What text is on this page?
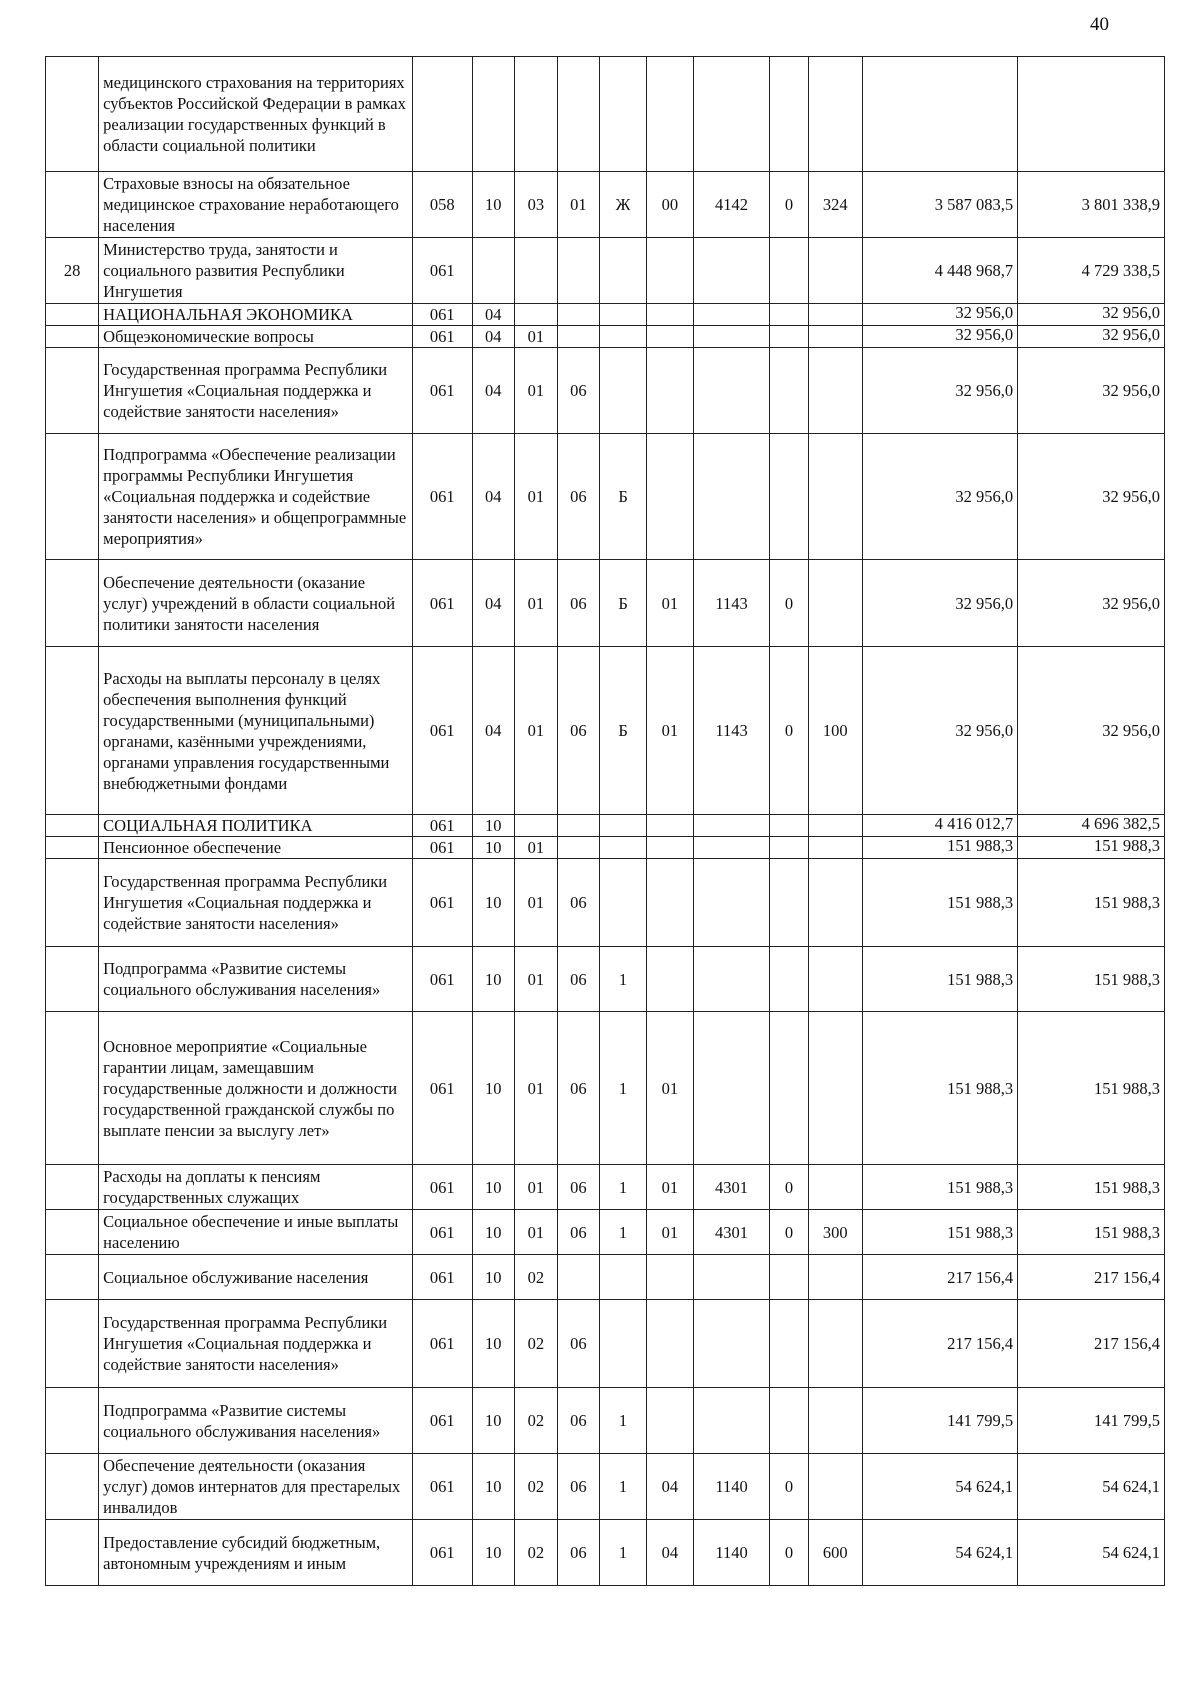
40
	медицинского страхования на территориях субъектов Российской Федерации в рамках реализации государственных функций в области социальной политики											
	Страховые взносы на обязательное медицинское страхование неработающего населения	058	10	03	01	Ж	00	4142	0	324	3 587 083,5	3 801 338,9
28	Министерство труда, занятости и социального развития Республики Ингушетия	061									4 448 968,7	4 729 338,5
	НАЦИОНАЛЬНАЯ ЭКОНОМИКА	061	04								32 956,0	32 956,0
	Общеэкономические вопросы	061	04	01							32 956,0	32 956,0
	Государственная программа Республики Ингушетия «Социальная поддержка и содействие занятости населения»	061	04	01	06						32 956,0	32 956,0
	Подпрограмма «Обеспечение реализации программы Республики Ингушетия «Социальная поддержка и содействие занятости населения» и общепрограммные мероприятия»	061	04	01	06	Б					32 956,0	32 956,0
	Обеспечение деятельности (оказание услуг) учреждений в области социальной политики занятости населения	061	04	01	06	Б	01	1143	0		32 956,0	32 956,0
	Расходы на выплаты персоналу в целях обеспечения выполнения функций государственными (муниципальными) органами, казёнными учреждениями, органами управления государственными внебюджетными фондами	061	04	01	06	Б	01	1143	0	100	32 956,0	32 956,0
	СОЦИАЛЬНАЯ ПОЛИТИКА	061	10								4 416 012,7	4 696 382,5
	Пенсионное обеспечение	061	10	01							151 988,3	151 988,3
	Государственная программа Республики Ингушетия «Социальная поддержка и содействие занятости населения»	061	10	01	06						151 988,3	151 988,3
	Подпрограмма «Развитие системы социального обслуживания населения»	061	10	01	06	1					151 988,3	151 988,3
	Основное мероприятие «Социальные гарантии лицам, замещавшим государственные должности и должности государственной гражданской службы по выплате пенсии за выслугу лет»	061	10	01	06	1	01				151 988,3	151 988,3
	Расходы на доплаты к пенсиям государственных служащих	061	10	01	06	1	01	4301	0		151 988,3	151 988,3
	Социальное обеспечение и иные выплаты населению	061	10	01	06	1	01	4301	0	300	151 988,3	151 988,3
	Социальное обслуживание населения	061	10	02							217 156,4	217 156,4
	Государственная программа Республики Ингушетия «Социальная поддержка и содействие занятости населения»	061	10	02	06						217 156,4	217 156,4
	Подпрограмма «Развитие системы социального обслуживания населения»	061	10	02	06	1					141 799,5	141 799,5
	Обеспечение деятельности (оказания услуг) домов интернатов для престарелых инвалидов	061	10	02	06	1	04	1140	0		54 624,1	54 624,1
	Предоставление субсидий бюджетным, автономным учреждениям и иным	061	10	02	06	1	04	1140	0	600	54 624,1	54 624,1
